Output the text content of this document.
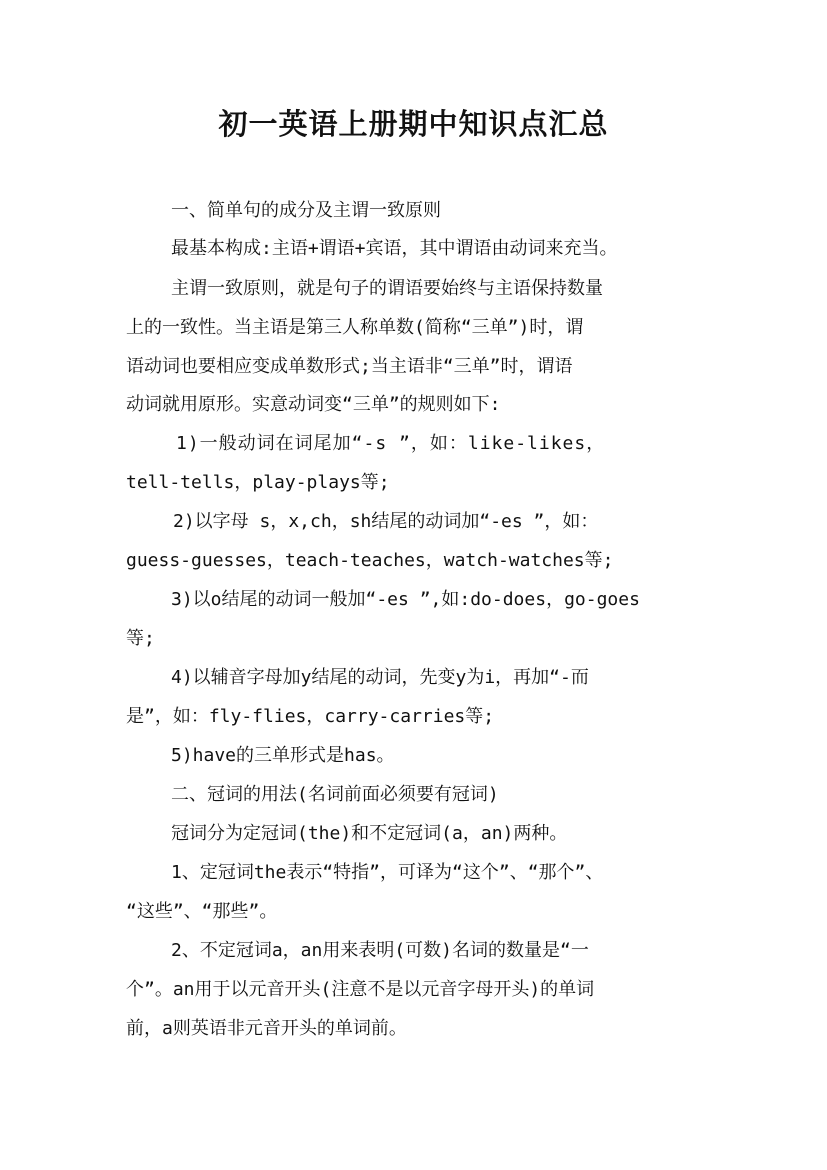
初一英语上册期中知识点汇总
一、简单句的成分及主谓一致原则
最基本构成:主语+谓语+宾语，其中谓语由动词来充当。
主谓一致原则，就是句子的谓语要始终与主语保持数量
上的一致性。当主语是第三人称单数(简称“三单”)时，谓
语动词也要相应变成单数形式;当主语非“三单”时，谓语
动词就用原形。实意动词变“三单”的规则如下:
1)一般动词在词尾加“-s ”，如：like-likes，
tell-tells，play-plays等;
2)以字母 s，x,ch，sh结尾的动词加“-es ”，如：
guess-guesses，teach-teaches，watch-watches等;
3)以o结尾的动词一般加“-es ”,如:do-does，go-goes
等;
4)以辅音字母加y结尾的动词，先变y为i，再加“-而
是”，如：fly-flies，carry-carries等;
5)have的三单形式是has。
二、冠词的用法(名词前面必须要有冠词)
冠词分为定冠词(the)和不定冠词(a，an)两种。
1、定冠词the表示“特指”，可译为“这个”、“那个”、
“这些”、“那些”。
2、不定冠词a，an用来表明(可数)名词的数量是“一
个”。an用于以元音开头(注意不是以元音字母开头)的单词
前，a则英语非元音开头的单词前。
